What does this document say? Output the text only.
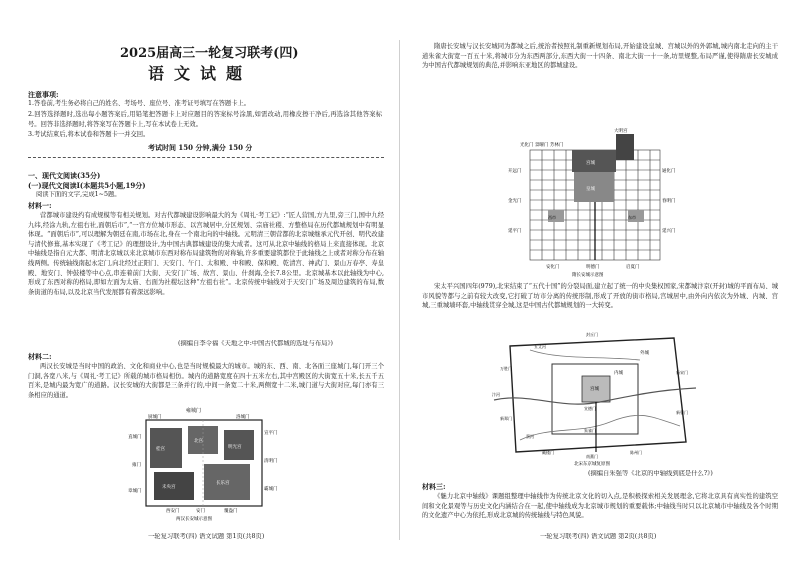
2025届高三一轮复习联考(四)
语文试题
注意事项:
1.答卷前,考生务必将自己的姓名、考场号、座位号、准考证号填写在答题卡上。
2.回答选择题时,选出每小题答案后,用铅笔把答题卡上对应题目的答案标号涂黑,如需改动,用橡皮擦干净后,再选涂其他答案标号。回答非选择题时,将答案写在答题卡上,写在本试卷上无效。
3.考试结束后,将本试卷和答题卡一并交回。
考试时间 150 分钟,满分 150 分
一、现代文阅读(35分)
(一)现代文阅读Ⅰ(本题共5小题,19分)
阅读下面的文字,完成1~5题。
材料一:
营都城市建设约有成规模等有相关规划。对古代都城建设影响最大的为《周礼·考工记》:“匠人营国,方九里,旁三门,国中九经九纬,经涂九轨,左祖右社,面朝后市”,“一宫方位城市形态、以宫城居中,分区规划、宗庙社稷、方整格局在历代都城规划中有明显体现。“面朝后市”,可以理解为朝廷在南,市场在北,身在一个南北向的中轴线。元明清三朝营都的北京城继承元代开创、明代改建与清代修葺,基本实现了《考工记》的理想设计,为中国古典都城建设的集大成者。这可从北京中轴线的格局上来直接体现。北京中轴线是指自元大都、明清北京城以来北京城市东西对称布局建筑物的对称轴,许多重要建筑都位于此轴线之上或者对称分布在轴线两侧。传统轴线南起永定门,向北经过正阳门、天安门、午门、太和殿、中和殿、保和殿、乾清宫、神武门、景山万春亭、寿皇殿、地安门、钟鼓楼等中心点,串连着前门大街、天安门广场、故宫、景山、什刹海,全长7.8公里。北京城基本以此轴线为中心,形成了东西对称的格局,即如左面为太庙、右面为社稷坛这种“左祖右社”。北京传统中轴线对于天安门广场及周边建筑的布局,数条街道的布局,以及北京当代发展都有着深远影响。
(摘编自李令福《天地之中:中国古代都城的选址与布局》)
材料二:
两汉长安城是当时中国的政治、文化和商业中心,也是当时规模最大的城市。城的东、西、南、北各面三座城门,每门开三个门洞,各宽八米,与《周礼·考工记》所载的城市格局相仿。城内的道路宽度在四十五米左右,其中宫殿区的大街宽五十米,长五千五百米,是城内最为宽广的道路。汉长安城的大街都是三条并行的,中间一条宽二十米,两侧宽十二米,城门道与大街对应,每门亦有三条相应的通道。
雍城门
厨城门	洛城门
宣平门
清明门
霸城门
直城门
雍门
章城门
西安门	安门	覆盎门
桂宫
北宫
明光宫
未央宫
长乐宫
两汉长安城示意图
一轮复习联考(四) 语文试题 第1页(共8页)
隋唐长安城与汉长安城同为都城之后,统治者按照礼制重新规划布局,开始建设皇城、宫城以外的外郭城,城内南北走向的主干道朱雀大街宽一百五十米,将城市分为东西两部分,东西大街一十四条、南北大街一十一条,坊里规整,布局严谨,使得隋唐长安城成为中国古代都城规划的典范,并影响东亚地区的都城建设。
光化门 景曜门 芳林门
大明宫
宫城
皇城
西市	东市
开远门
金光门
延平门
通化门
春明门
延兴门
安化门	明德门	启夏门
隋长安城示意图
宋太平兴国四年(979),北宋结束了“五代十国”的分裂局面,建立起了统一的中央集权国家,宋都城汴京(开封)城的平面布局、城市风貌等都与之前有较大改变,它打破了坊市分离的传统形制,形成了开放的街市格局,宫城居中,由外向内依次为外城、内城、宫城,三重城墙环套,中轴线贯穿全城,这是中国古代都城规划的一大转变。
宫城
内城
外城
宣德门
朱雀门
汴河
蔡河
五丈河
万胜门
新郑门
新宋门
新曹门
封丘门
南薰门
陈州门
戴楼门
北宋东京城复原图
(摘编自朱强等《北京的中轴线到底是什么?》)
材料三:
《魅力北京中轴线》课题组整理中轴线作为传统北京文化的切入点,是积极探索相关发展理念,它将北京具有真实性的建筑空间和文化景观等与历史文化内涵结合在一起,使中轴线成为北京城市规划的重要载体;中轴线当时只以北京城市中轴线及各个时期的文化遗产中心为依托,形成北京城的传统轴线与特色风貌。
一轮复习联考(四) 语文试题 第2页(共8页)
